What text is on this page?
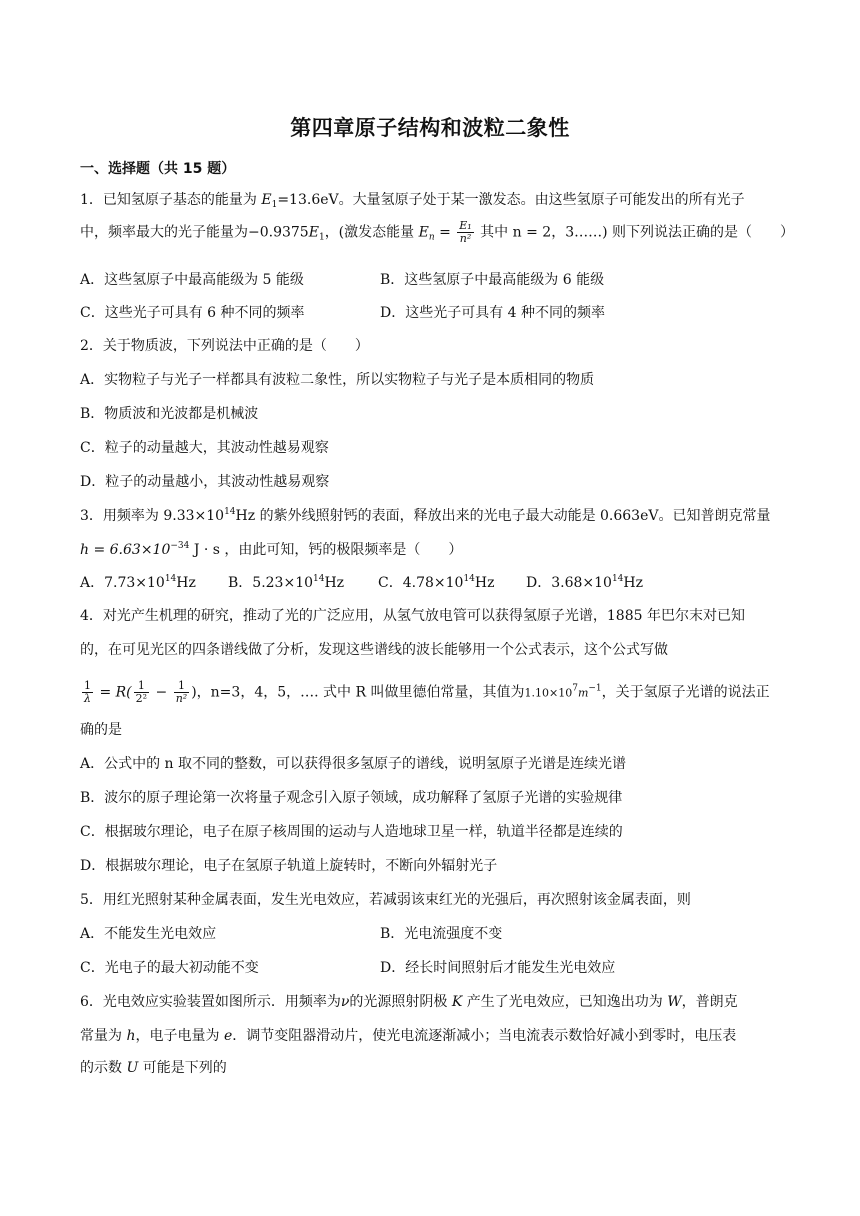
第四章原子结构和波粒二象性
一、选择题（共 15 题）
1．已知氢原子基态的能量为 $E_1=13.6eV$。大量氢原子处于某一激发态。由这些氢原子可能发出的所有光子
中，频率最大的光子能量为$-0.9375E_1$，(激发态能量 $E_n = \frac{\text{E₁}}{\text{n²}}$ 其中 n = 2，3……) 则下列说法正确的是（　　）
A．这些氢原子中最高能级为 5 能级	B．这些氢原子中最高能级为 6 能级
C．这些光子可具有 6 种不同的频率	D．这些光子可具有 4 种不同的频率
2．关于物质波，下列说法中正确的是（　　）
A．实物粒子与光子一样都具有波粒二象性，所以实物粒子与光子是本质相同的物质
B．物质波和光波都是机械波
C．粒子的动量越大，其波动性越易观察
D．粒子的动量越小，其波动性越易观察
3．用频率为 $9.33\times 10^{14}Hz$ 的紫外线照射钙的表面，释放出来的光电子最大动能是 0.663eV。已知普朗克常量
$h = 6.63\times 10^{-34}$ J · s ，由此可知，钙的极限频率是（　　）
A．$7.73\times 10^{14}Hz$ B．$5.23\times 10^{14}Hz$ C．$4.78\times 10^{14}Hz$ D．$3.68\times 10^{14}Hz$
4．对光产生机理的研究，推动了光的广泛应用，从氢气放电管可以获得氢原子光谱，1885 年巴尔末对已知
的，在可见光区的四条谱线做了分析，发现这些谱线的波长能够用一个公式表示，这个公式写做
$\frac{1}{\lambda} = R( \frac{1}{\text{2²}} - \frac{1}{\text{n²}}$ )，n=3，4，5，…. 式中 R 叫做里德伯常量，其值为$1.10\times 10^7m^{-1}$，关于氢原子光谱的说法正
确的是
A．公式中的 n 取不同的整数，可以获得很多氢原子的谱线，说明氢原子光谱是连续光谱
B．波尔的原子理论第一次将量子观念引入原子领域，成功解释了氢原子光谱的实验规律
C．根据玻尔理论，电子在原子核周围的运动与人造地球卫星一样，轨道半径都是连续的
D．根据玻尔理论，电子在氢原子轨道上旋转时，不断向外辐射光子
5．用红光照射某种金属表面，发生光电效应，若减弱该束红光的光强后，再次照射该金属表面，则
A．不能发生光电效应	B．光电流强度不变
C．光电子的最大初动能不变	D．经长时间照射后才能发生光电效应
6．光电效应实验装置如图所示．用频率为ν的光源照射阴极 K 产生了光电效应，已知逸出功为 W，普朗克
常量为 h，电子电量为 e．调节变阻器滑动片，使光电流逐渐减小；当电流表示数恰好减小到零时，电压表
的示数 U 可能是下列的
